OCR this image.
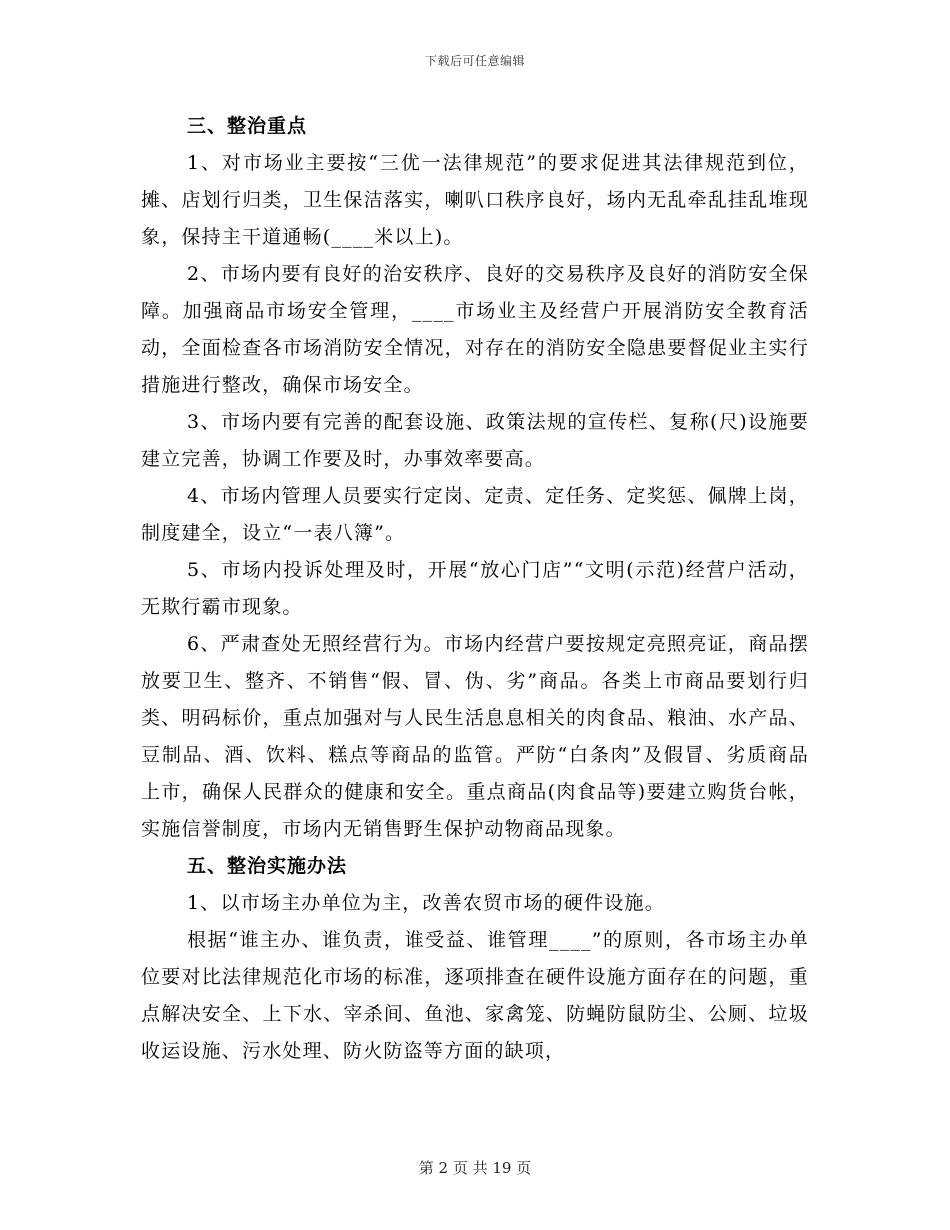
下载后可任意编辑

三、整治重点

1、对市场业主要按“三优一法律规范”的要求促进其法律规范到位，摊、店划行归类，卫生保洁落实，喇叭口秩序良好，场内无乱牵乱挂乱堆现象，保持主干道通畅(____米以上)。

2、市场内要有良好的治安秩序、良好的交易秩序及良好的消防安全保障。加强商品市场安全管理，____市场业主及经营户开展消防安全教育活动，全面检查各市场消防安全情况，对存在的消防安全隐患要督促业主实行措施进行整改，确保市场安全。

3、市场内要有完善的配套设施、政策法规的宣传栏、复称(尺)设施要建立完善，协调工作要及时，办事效率要高。

4、市场内管理人员要实行定岗、定责、定任务、定奖惩、佩牌上岗，制度建全，设立“一表八簿”。

5、市场内投诉处理及时，开展“放心门店”“文明(示范)经营户活动，无欺行霸市现象。

6、严肃查处无照经营行为。市场内经营户要按规定亮照亮证，商品摆放要卫生、整齐、不销售“假、冒、伪、劣”商品。各类上市商品要划行归类、明码标价，重点加强对与人民生活息息相关的肉食品、粮油、水产品、豆制品、酒、饮料、糕点等商品的监管。严防“白条肉”及假冒、劣质商品上市，确保人民群众的健康和安全。重点商品(肉食品等)要建立购货台帐，实施信誉制度，市场内无销售野生保护动物商品现象。

五、整治实施办法

1、以市场主办单位为主，改善农贸市场的硬件设施。

根据“谁主办、谁负责，谁受益、谁管理____”的原则，各市场主办单位要对比法律规范化市场的标准，逐项排查在硬件设施方面存在的问题，重点解决安全、上下水、宰杀间、鱼池、家禽笼、防蝇防鼠防尘、公厕、垃圾收运设施、污水处理、防火防盗等方面的缺项，

第 2 页 共 19 页
